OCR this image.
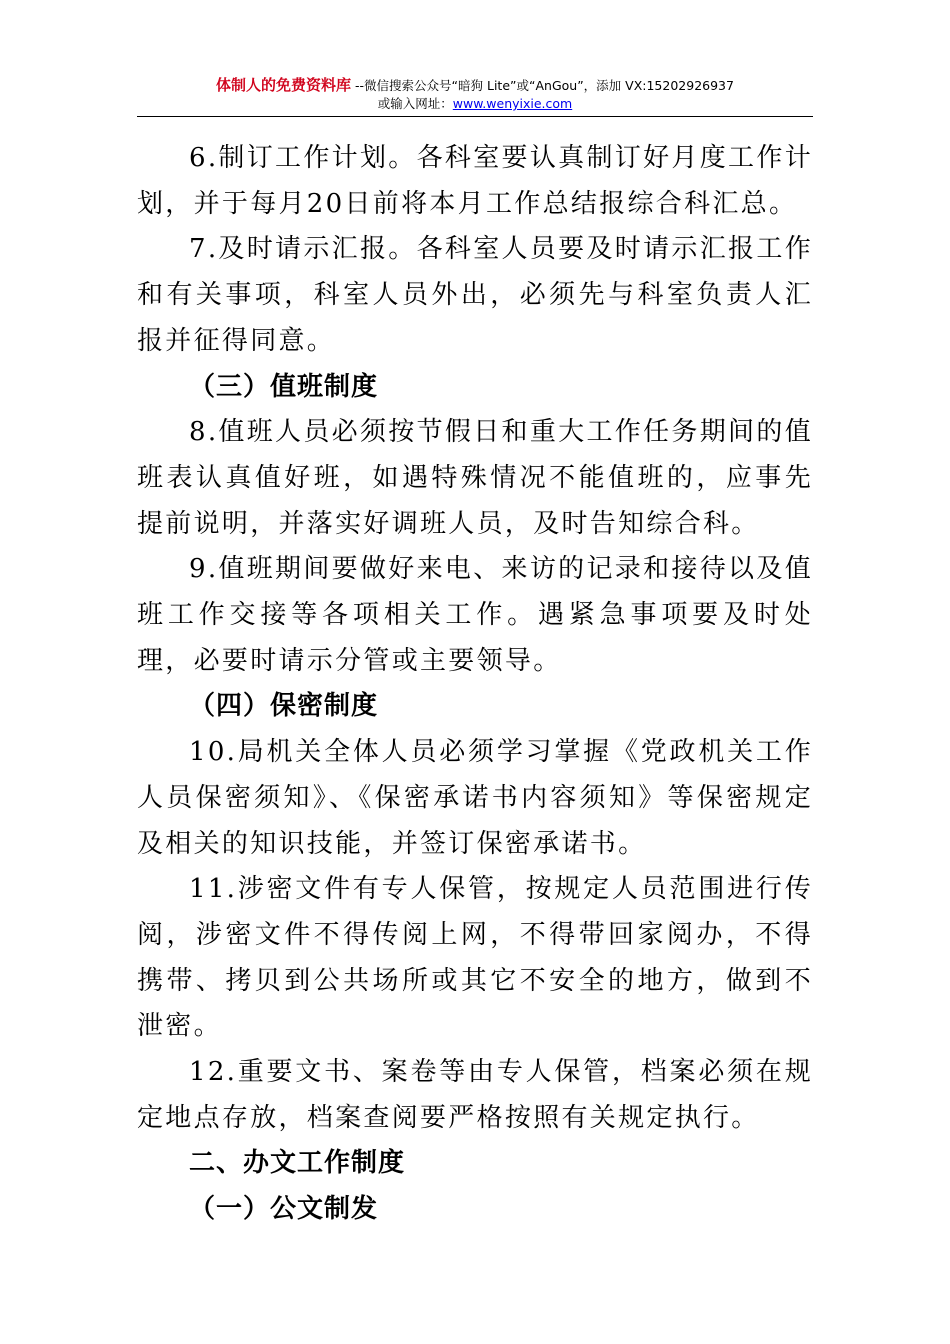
体制人的免费资料库 --微信搜索公众号“暗狗 Lite”或“AnGou”，添加 VX:15202926937
或输入网址：www.wenyixie.com

6.制订工作计划。各科室要认真制订好月度工作计划，并于每月20日前将本月工作总结报综合科汇总。

7.及时请示汇报。各科室人员要及时请示汇报工作和有关事项，科室人员外出，必须先与科室负责人汇报并征得同意。

（三）值班制度

8.值班人员必须按节假日和重大工作任务期间的值班表认真值好班，如遇特殊情况不能值班的，应事先提前说明，并落实好调班人员，及时告知综合科。

9.值班期间要做好来电、来访的记录和接待以及值班工作交接等各项相关工作。遇紧急事项要及时处理，必要时请示分管或主要领导。

（四）保密制度

10.局机关全体人员必须学习掌握《党政机关工作人员保密须知》、《保密承诺书内容须知》等保密规定及相关的知识技能，并签订保密承诺书。

11.涉密文件有专人保管，按规定人员范围进行传阅，涉密文件不得传阅上网，不得带回家阅办，不得携带、拷贝到公共场所或其它不安全的地方，做到不泄密。

12.重要文书、案卷等由专人保管，档案必须在规定地点存放，档案查阅要严格按照有关规定执行。

二、办文工作制度

（一）公文制发
